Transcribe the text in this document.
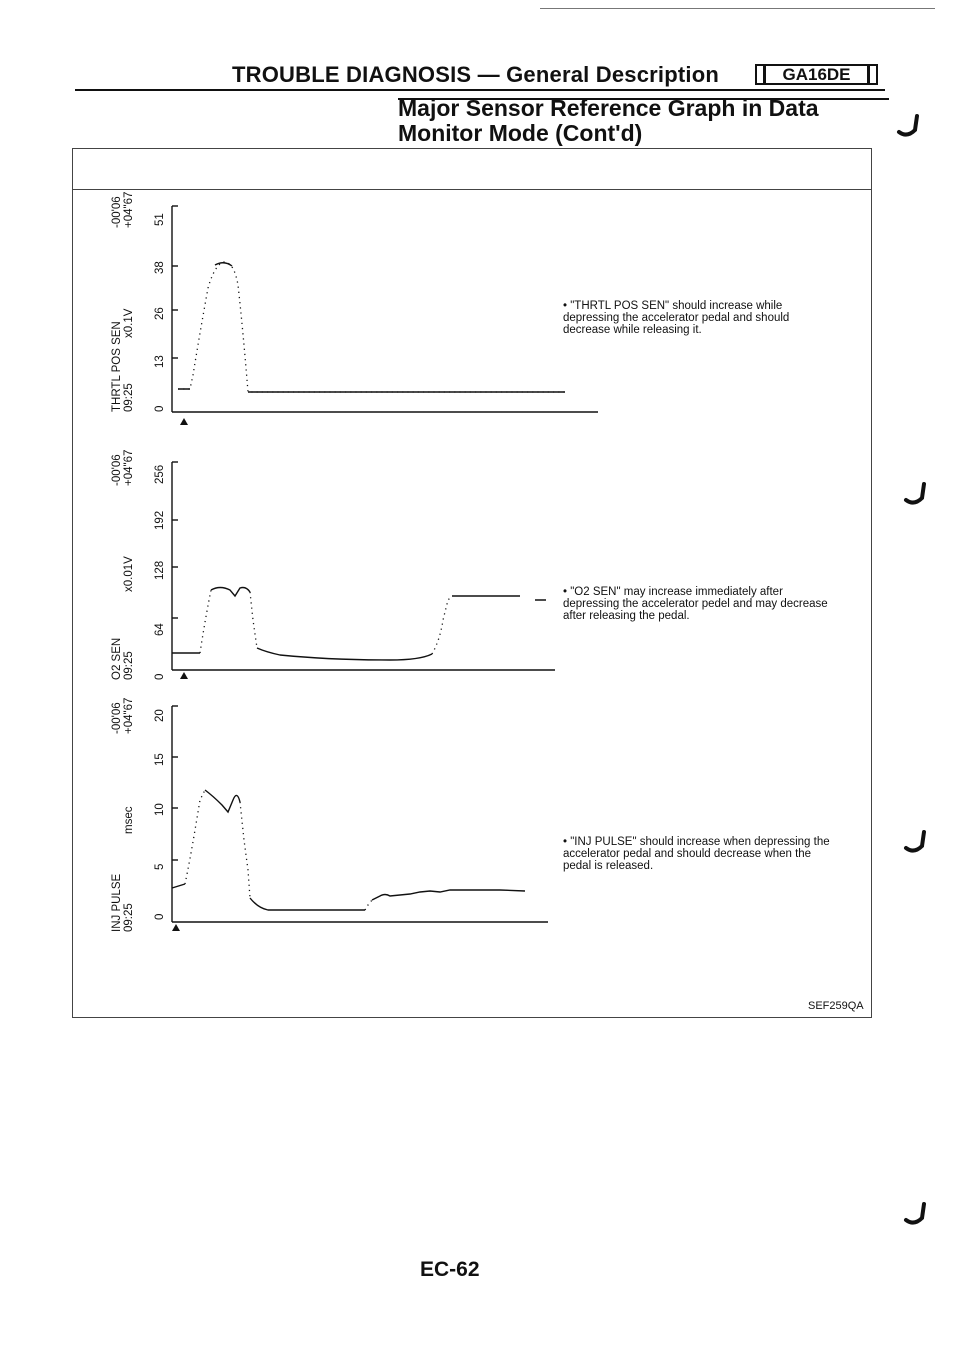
TROUBLE DIAGNOSIS — General Description	GA16DE
Major Sensor Reference Graph in Data
Monitor Mode (Cont'd)
THRTL POS SEN 09:25
x0.1V
-00'06 +04"67
0
13
26
38
51
O2 SEN 09:25
x0.01V
-00'06 +04"67
0
64
128
192
256
INJ PULSE 09:25
msec
-00'06 +04"67
0
5
10
15
20
• "THRTL POS SEN" should increase while depressing the accelerator pedal and should decrease while releasing it.
• "O2 SEN" may increase immediately after depressing the accelerator pedel and may decrease after releasing the pedal.
• "INJ PULSE" should increase when depressing the accelerator pedal and should decrease when the pedal is released.
SEF259QA
EC-62
